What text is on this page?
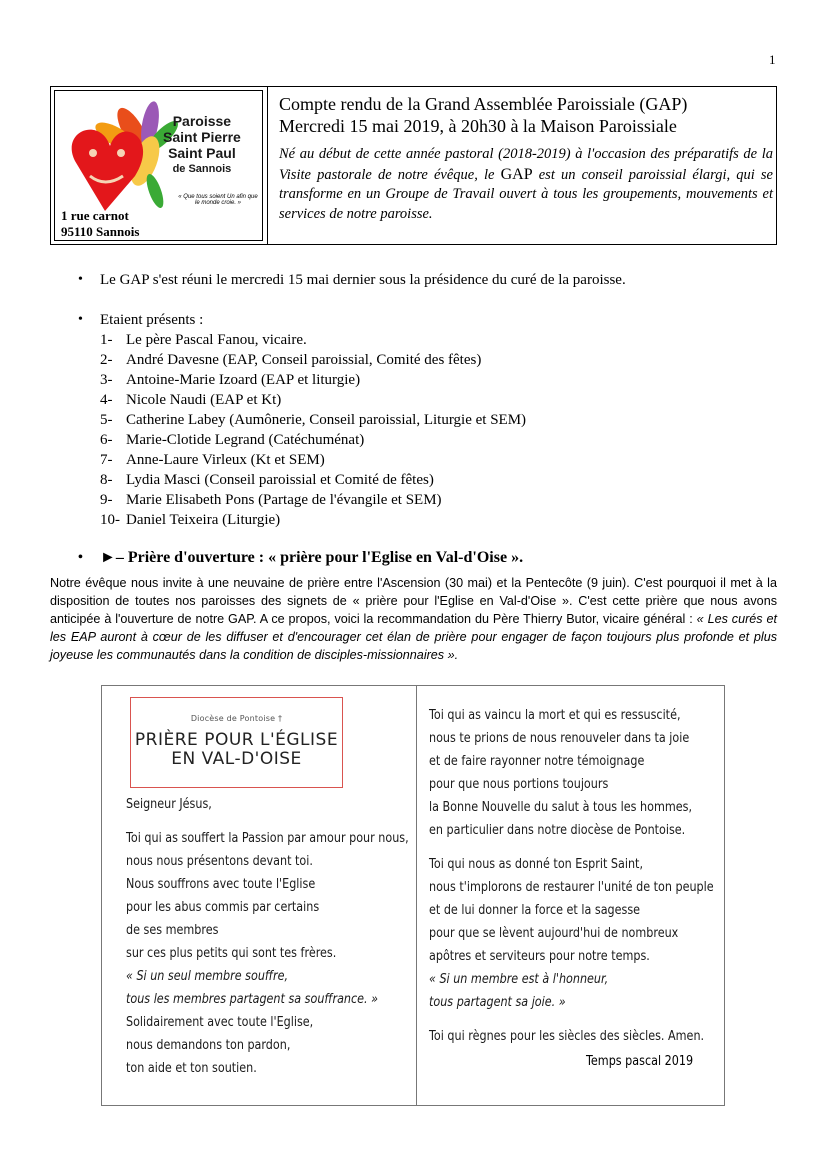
1
Paroisse
Saint Pierre
Saint Paul
de Sannois
« Que tous soient Un afin que le monde croie. »
1 rue carnot
95110 Sannois
Compte rendu de la Grand Assemblée Paroissiale (GAP)
Mercredi 15 mai 2019, à 20h30 à la Maison Paroissiale
Né au début de cette année pastoral (2018-2019) à l'occasion des préparatifs de la Visite pastorale de notre évêque, le GAP est un conseil paroissial élargi, qui se transforme en un Groupe de Travail ouvert à tous les groupements, mouvements et services de notre paroisse.
• Le GAP s'est réuni le mercredi 15 mai dernier sous la présidence du curé de la paroisse.
• Etaient présents :
1- Le père Pascal Fanou, vicaire.
2- André Davesne (EAP, Conseil paroissial, Comité des fêtes)
3- Antoine-Marie Izoard (EAP et liturgie)
4- Nicole Naudi (EAP et Kt)
5- Catherine Labey (Aumônerie, Conseil paroissial, Liturgie et SEM)
6- Marie-Clotide Legrand (Catéchuménat)
7- Anne-Laure Virleux (Kt et SEM)
8- Lydia Masci (Conseil paroissial et Comité de fêtes)
9- Marie Elisabeth Pons (Partage de l'évangile et SEM)
10- Daniel Teixeira (Liturgie)
• ►– Prière d'ouverture : « prière pour l'Eglise en Val-d'Oise ».
Notre évêque nous invite à une neuvaine de prière entre l'Ascension (30 mai) et la Pentecôte (9 juin). C'est pourquoi il met à la disposition de toutes nos paroisses des signets de « prière pour l'Eglise en Val-d'Oise ». C'est cette prière que nous avons anticipée à l'ouverture de notre GAP. A ce propos, voici la recommandation du Père Thierry Butor, vicaire général : « Les curés et les EAP auront à cœur de les diffuser et d'encourager cet élan de prière pour engager de façon toujours plus profonde et plus joyeuse les communautés dans la condition de disciples-missionnaires ».
Diocèse de Pontoise †
PRIÈRE POUR L'ÉGLISE
EN VAL-D'OISE
Seigneur Jésus,
Toi qui as souffert la Passion par amour pour nous,
nous nous présentons devant toi.
Nous souffrons avec toute l'Eglise
pour les abus commis par certains
de ses membres
sur ces plus petits qui sont tes frères.
« Si un seul membre souffre,
tous les membres partagent sa souffrance. »
Solidairement avec toute l'Eglise,
nous demandons ton pardon,
ton aide et ton soutien.
Toi qui as vaincu la mort et qui es ressuscité,
nous te prions de nous renouveler dans ta joie
et de faire rayonner notre témoignage
pour que nous portions toujours
la Bonne Nouvelle du salut à tous les hommes,
en particulier dans notre diocèse de Pontoise.
Toi qui nous as donné ton Esprit Saint,
nous t'implorons de restaurer l'unité de ton peuple
et de lui donner la force et la sagesse
pour que se lèvent aujourd'hui de nombreux
apôtres et serviteurs pour notre temps.
« Si un membre est à l'honneur,
tous partagent sa joie. »
Toi qui règnes pour les siècles des siècles. Amen.
Temps pascal 2019
